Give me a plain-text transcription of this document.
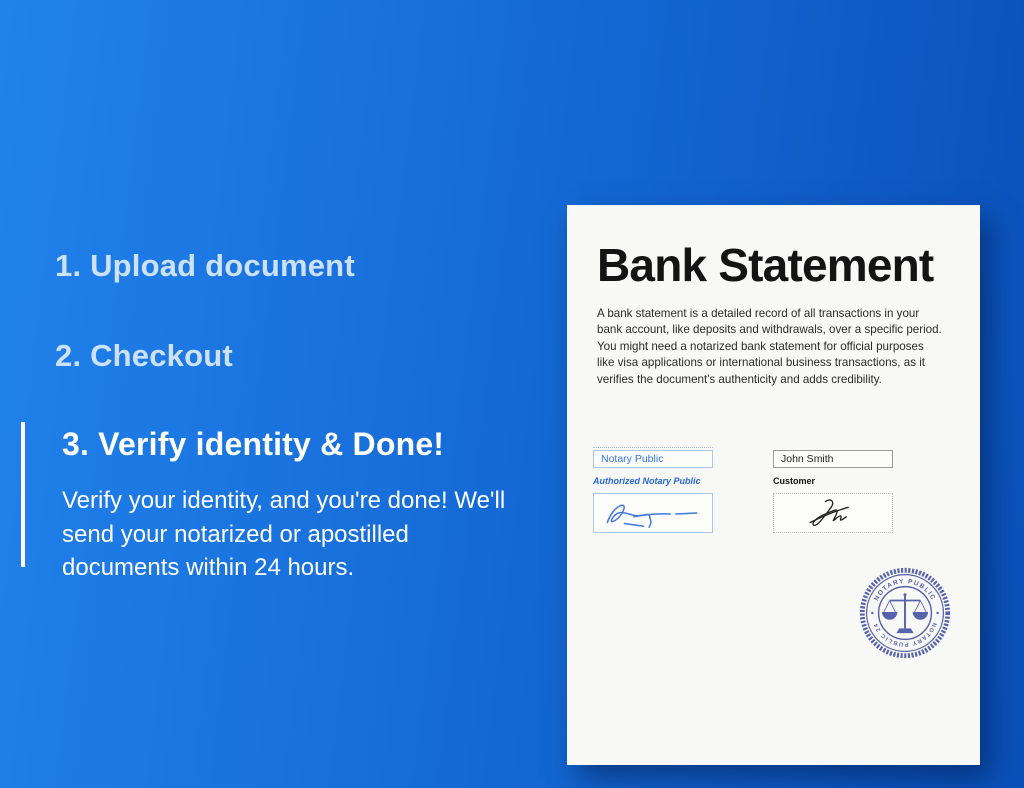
1. Upload document
2. Checkout
3. Verify identity & Done!
Verify your identity, and you're done! We'll send your notarized or apostilled documents within 24 hours.
Bank Statement
A bank statement is a detailed record of all transactions in your bank account, like deposits and withdrawals, over a specific period. You might need a notarized bank statement for official purposes like visa applications or international business transactions, as it verifies the document's authenticity and adds credibility.
Notary Public
Authorized Notary Public
John Smith
Customer
NOTARY PUBLIC
NOTARY PUBLIC 24
